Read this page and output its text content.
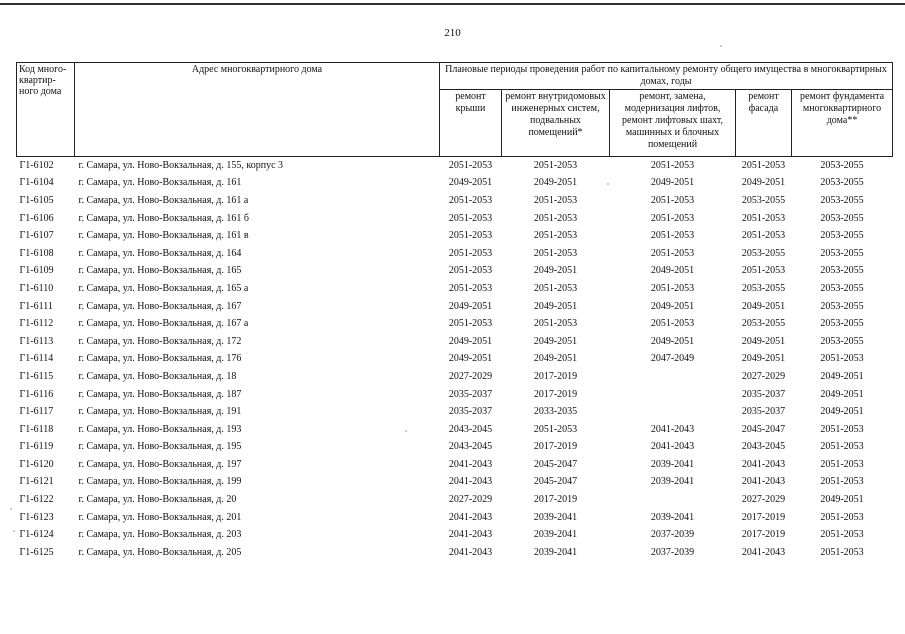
210
Код много-квартир-ного дома	Адрес многоквартирного дома	Плановые периоды проведения работ по капитальному ремонту общего имущества в многоквартирных домах, годы				
		ремонт крыши	ремонт внутридомовых инженерных систем, подвальных помещений*	ремонт, замена, модернизация лифтов, ремонт лифтовых шахт, машинных и блочных помещений	ремонт фасада	ремонт фундамента многоквартирного дома**
Г1-6102	г. Самара, ул. Ново-Вокзальная, д. 155, корпус 3	2051-2053	2051-2053	2051-2053	2051-2053	2053-2055
Г1-6104	г. Самара, ул. Ново-Вокзальная, д. 161	2049-2051	2049-2051	2049-2051	2049-2051	2053-2055
Г1-6105	г. Самара, ул. Ново-Вокзальная, д. 161 а	2051-2053	2051-2053	2051-2053	2053-2055	2053-2055
Г1-6106	г. Самара, ул. Ново-Вокзальная, д. 161 б	2051-2053	2051-2053	2051-2053	2051-2053	2053-2055
Г1-6107	г. Самара, ул. Ново-Вокзальная, д. 161 в	2051-2053	2051-2053	2051-2053	2051-2053	2053-2055
Г1-6108	г. Самара, ул. Ново-Вокзальная, д. 164	2051-2053	2051-2053	2051-2053	2053-2055	2053-2055
Г1-6109	г. Самара, ул. Ново-Вокзальная, д. 165	2051-2053	2049-2051	2049-2051	2051-2053	2053-2055
Г1-6110	г. Самара, ул. Ново-Вокзальная, д. 165 а	2051-2053	2051-2053	2051-2053	2053-2055	2053-2055
Г1-6111	г. Самара, ул. Ново-Вокзальная, д. 167	2049-2051	2049-2051	2049-2051	2049-2051	2053-2055
Г1-6112	г. Самара, ул. Ново-Вокзальная, д. 167 а	2051-2053	2051-2053	2051-2053	2053-2055	2053-2055
Г1-6113	г. Самара, ул. Ново-Вокзальная, д. 172	2049-2051	2049-2051	2049-2051	2049-2051	2053-2055
Г1-6114	г. Самара, ул. Ново-Вокзальная, д. 176	2049-2051	2049-2051	2047-2049	2049-2051	2051-2053
Г1-6115	г. Самара, ул. Ново-Вокзальная, д. 18	2027-2029	2017-2019		2027-2029	2049-2051
Г1-6116	г. Самара, ул. Ново-Вокзальная, д. 187	2035-2037	2017-2019		2035-2037	2049-2051
Г1-6117	г. Самара, ул. Ново-Вокзальная, д. 191	2035-2037	2033-2035		2035-2037	2049-2051
Г1-6118	г. Самара, ул. Ново-Вокзальная, д. 193	2043-2045	2051-2053	2041-2043	2045-2047	2051-2053
Г1-6119	г. Самара, ул. Ново-Вокзальная, д. 195	2043-2045	2017-2019	2041-2043	2043-2045	2051-2053
Г1-6120	г. Самара, ул. Ново-Вокзальная, д. 197	2041-2043	2045-2047	2039-2041	2041-2043	2051-2053
Г1-6121	г. Самара, ул. Ново-Вокзальная, д. 199	2041-2043	2045-2047	2039-2041	2041-2043	2051-2053
Г1-6122	г. Самара, ул. Ново-Вокзальная, д. 20	2027-2029	2017-2019		2027-2029	2049-2051
Г1-6123	г. Самара, ул. Ново-Вокзальная, д. 201	2041-2043	2039-2041	2039-2041	2017-2019	2051-2053
Г1-6124	г. Самара, ул. Ново-Вокзальная, д. 203	2041-2043	2039-2041	2037-2039	2017-2019	2051-2053
Г1-6125	г. Самара, ул. Ново-Вокзальная, д. 205	2041-2043	2039-2041	2037-2039	2041-2043	2051-2053
